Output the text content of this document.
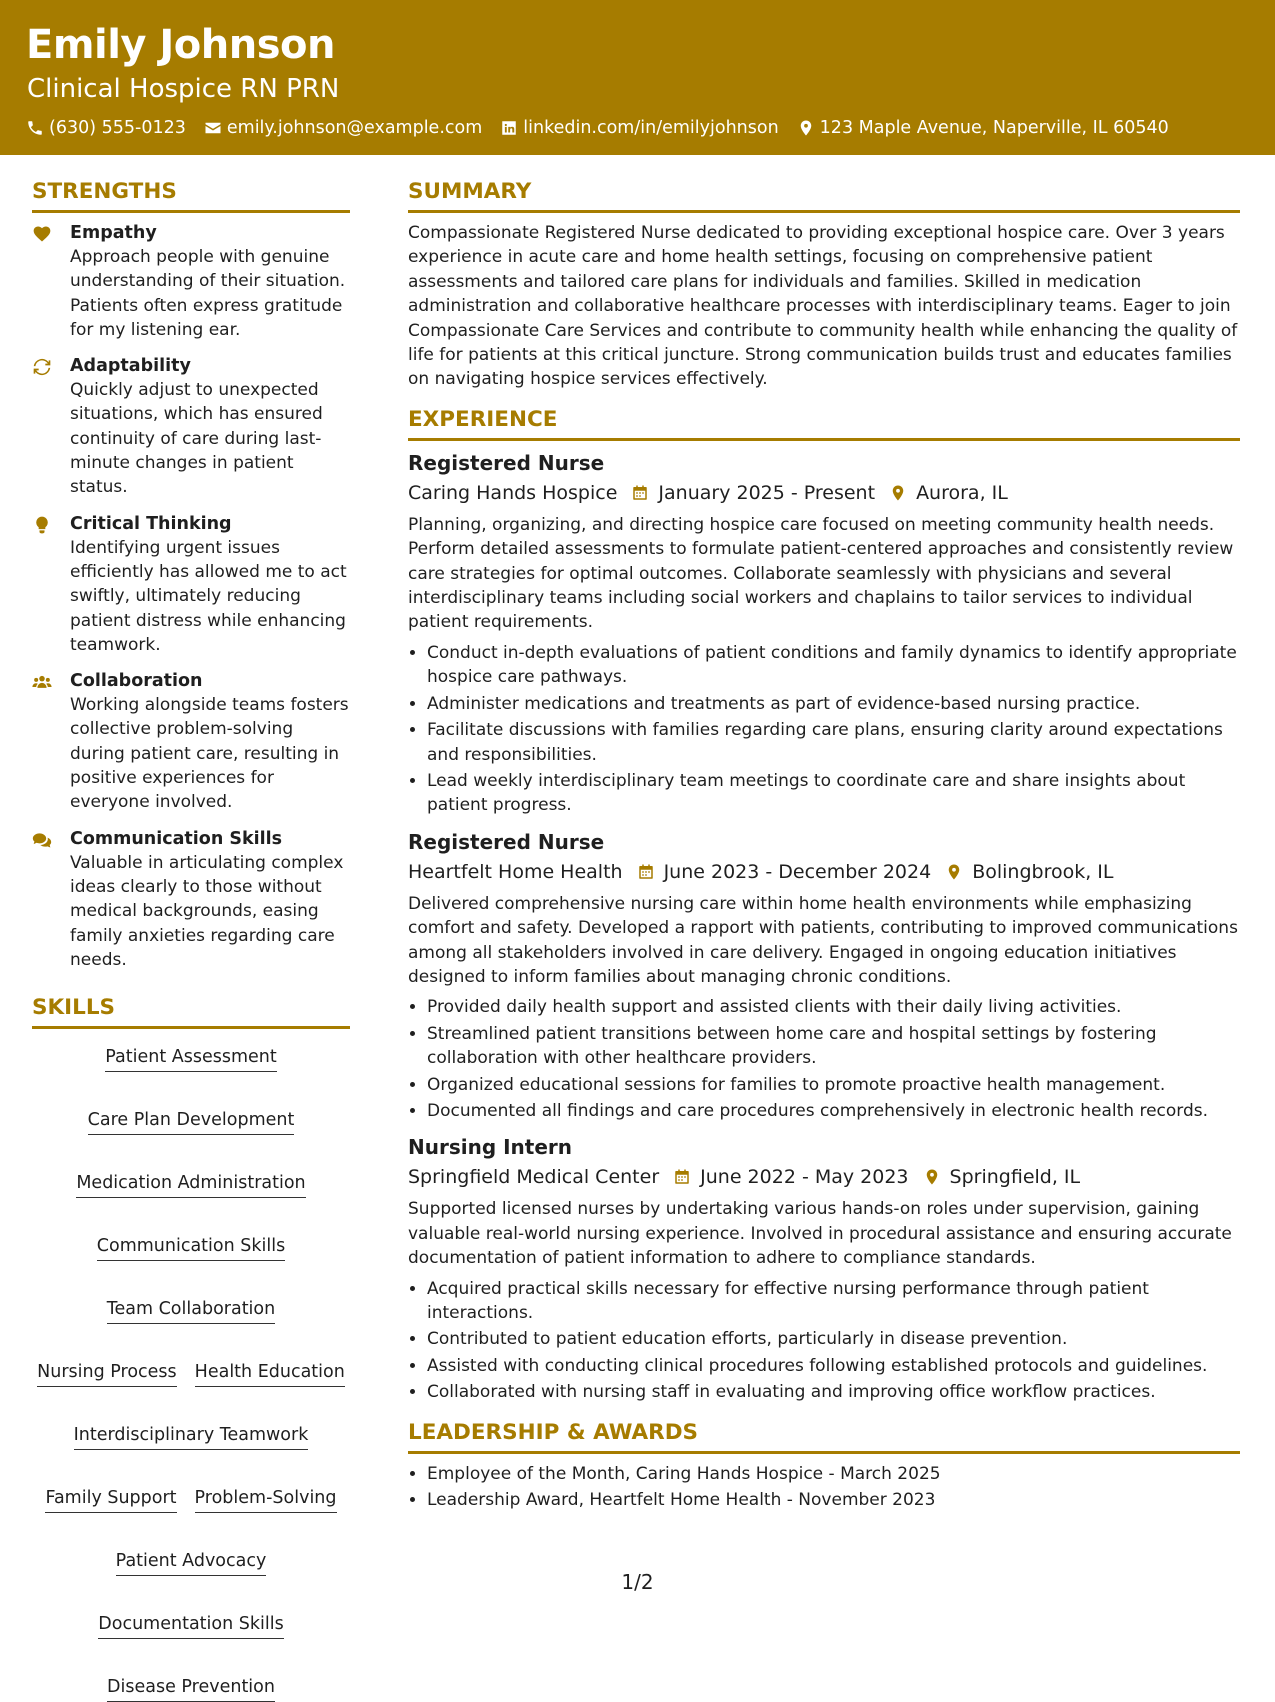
Emily Johnson
Clinical Hospice RN PRN
(630) 555-0123 emily.johnson@example.com linkedin.com/in/emilyjohnson 123 Maple Avenue, Naperville, IL 60540
STRENGTHS
Empathy
Approach people with genuine understanding of their situation. Patients often express gratitude for my listening ear.
Adaptability
Quickly adjust to unexpected situations, which has ensured continuity of care during last-minute changes in patient status.
Critical Thinking
Identifying urgent issues efficiently has allowed me to act swiftly, ultimately reducing patient distress while enhancing teamwork.
Collaboration
Working alongside teams fosters collective problem-solving during patient care, resulting in positive experiences for everyone involved.
Communication Skills
Valuable in articulating complex ideas clearly to those without medical backgrounds, easing family anxieties regarding care needs.
SKILLS
Patient Assessment
Care Plan Development
Medication Administration
Communication Skills
Team Collaboration
Nursing Process Health Education
Interdisciplinary Teamwork
Family Support Problem-Solving
Patient Advocacy
Documentation Skills
Disease Prevention
SUMMARY

Compassionate Registered Nurse dedicated to providing exceptional hospice care. Over 3 years experience in acute care and home health settings, focusing on comprehensive patient assessments and tailored care plans for individuals and families. Skilled in medication administration and collaborative healthcare processes with interdisciplinary teams. Eager to join Compassionate Care Services and contribute to community health while enhancing the quality of life for patients at this critical juncture. Strong communication builds trust and educates families on navigating hospice services effectively.

EXPERIENCE
Registered Nurse
Caring Hands Hospice January 2025 - Present Aurora, IL

Planning, organizing, and directing hospice care focused on meeting community health needs. Perform detailed assessments to formulate patient-centered approaches and consistently review care strategies for optimal outcomes. Collaborate seamlessly with physicians and several interdisciplinary teams including social workers and chaplains to tailor services to individual patient requirements.

• Conduct in-depth evaluations of patient conditions and family dynamics to identify appropriate hospice care pathways.
• Administer medications and treatments as part of evidence-based nursing practice.
• Facilitate discussions with families regarding care plans, ensuring clarity around expectations and responsibilities.
• Lead weekly interdisciplinary team meetings to coordinate care and share insights about patient progress.
Registered Nurse
Heartfelt Home Health June 2023 - December 2024 Bolingbrook, IL

Delivered comprehensive nursing care within home health environments while emphasizing comfort and safety. Developed a rapport with patients, contributing to improved communications among all stakeholders involved in care delivery. Engaged in ongoing education initiatives designed to inform families about managing chronic conditions.

• Provided daily health support and assisted clients with their daily living activities.
• Streamlined patient transitions between home care and hospital settings by fostering collaboration with other healthcare providers.
• Organized educational sessions for families to promote proactive health management.
• Documented all findings and care procedures comprehensively in electronic health records.
Nursing Intern
Springfield Medical Center June 2022 - May 2023 Springfield, IL

Supported licensed nurses by undertaking various hands-on roles under supervision, gaining valuable real-world nursing experience. Involved in procedural assistance and ensuring accurate documentation of patient information to adhere to compliance standards.

• Acquired practical skills necessary for effective nursing performance through patient interactions.
• Contributed to patient education efforts, particularly in disease prevention.
• Assisted with conducting clinical procedures following established protocols and guidelines.
• Collaborated with nursing staff in evaluating and improving office workflow practices.
LEADERSHIP & AWARDS
• Employee of the Month, Caring Hands Hospice - March 2025
• Leadership Award, Heartfelt Home Health - November 2023
1/2
